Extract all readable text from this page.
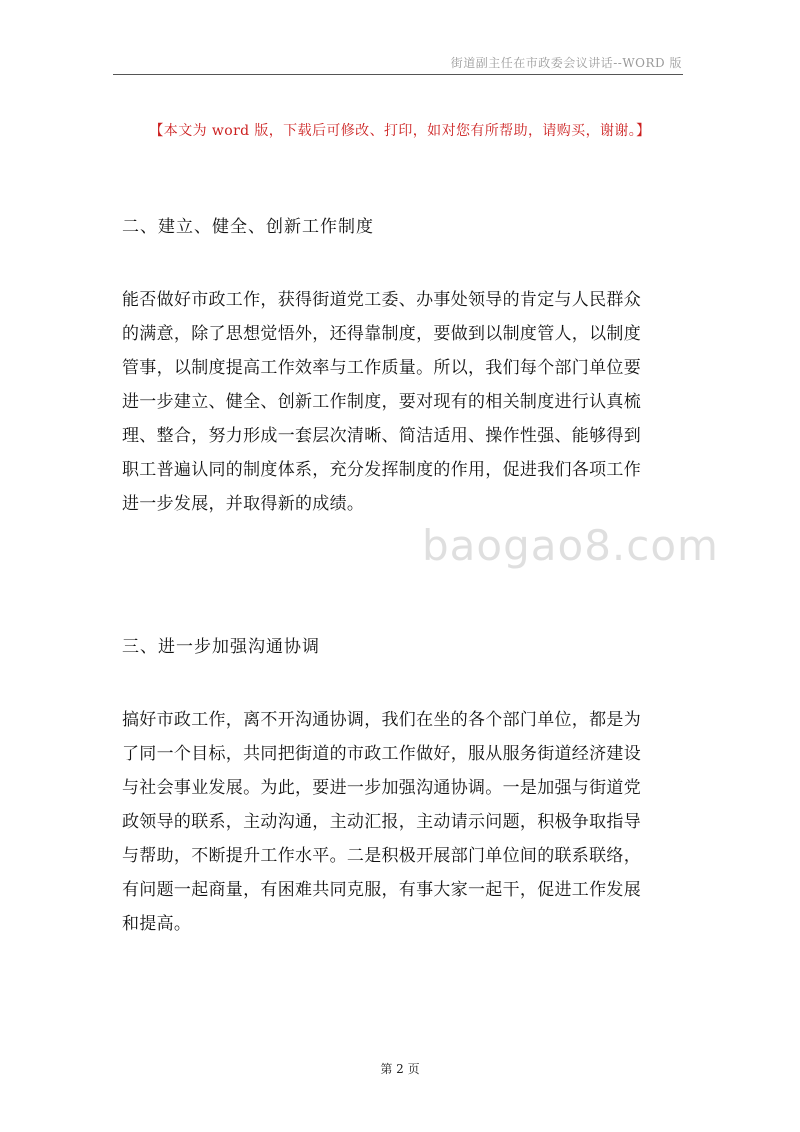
街道副主任在市政委会议讲话--WORD 版
【本文为 word 版，下载后可修改、打印，如对您有所帮助，请购买，谢谢。】
二、建立、健全、创新工作制度

能否做好市政工作，获得街道党工委、办事处领导的肯定与人民群众
的满意，除了思想觉悟外，还得靠制度，要做到以制度管人，以制度
管事，以制度提高工作效率与工作质量。所以，我们每个部门单位要
进一步建立、健全、创新工作制度，要对现有的相关制度进行认真梳
理、整合，努力形成一套层次清晰、简洁适用、操作性强、能够得到
职工普遍认同的制度体系，充分发挥制度的作用，促进我们各项工作
进一步发展，并取得新的成绩。

baogao8.com
三、进一步加强沟通协调

搞好市政工作，离不开沟通协调，我们在坐的各个部门单位，都是为
了同一个目标，共同把街道的市政工作做好，服从服务街道经济建设
与社会事业发展。为此，要进一步加强沟通协调。一是加强与街道党
政领导的联系，主动沟通，主动汇报，主动请示问题，积极争取指导
与帮助，不断提升工作水平。二是积极开展部门单位间的联系联络，
有问题一起商量，有困难共同克服，有事大家一起干，促进工作发展
和提高。

第 2 页
